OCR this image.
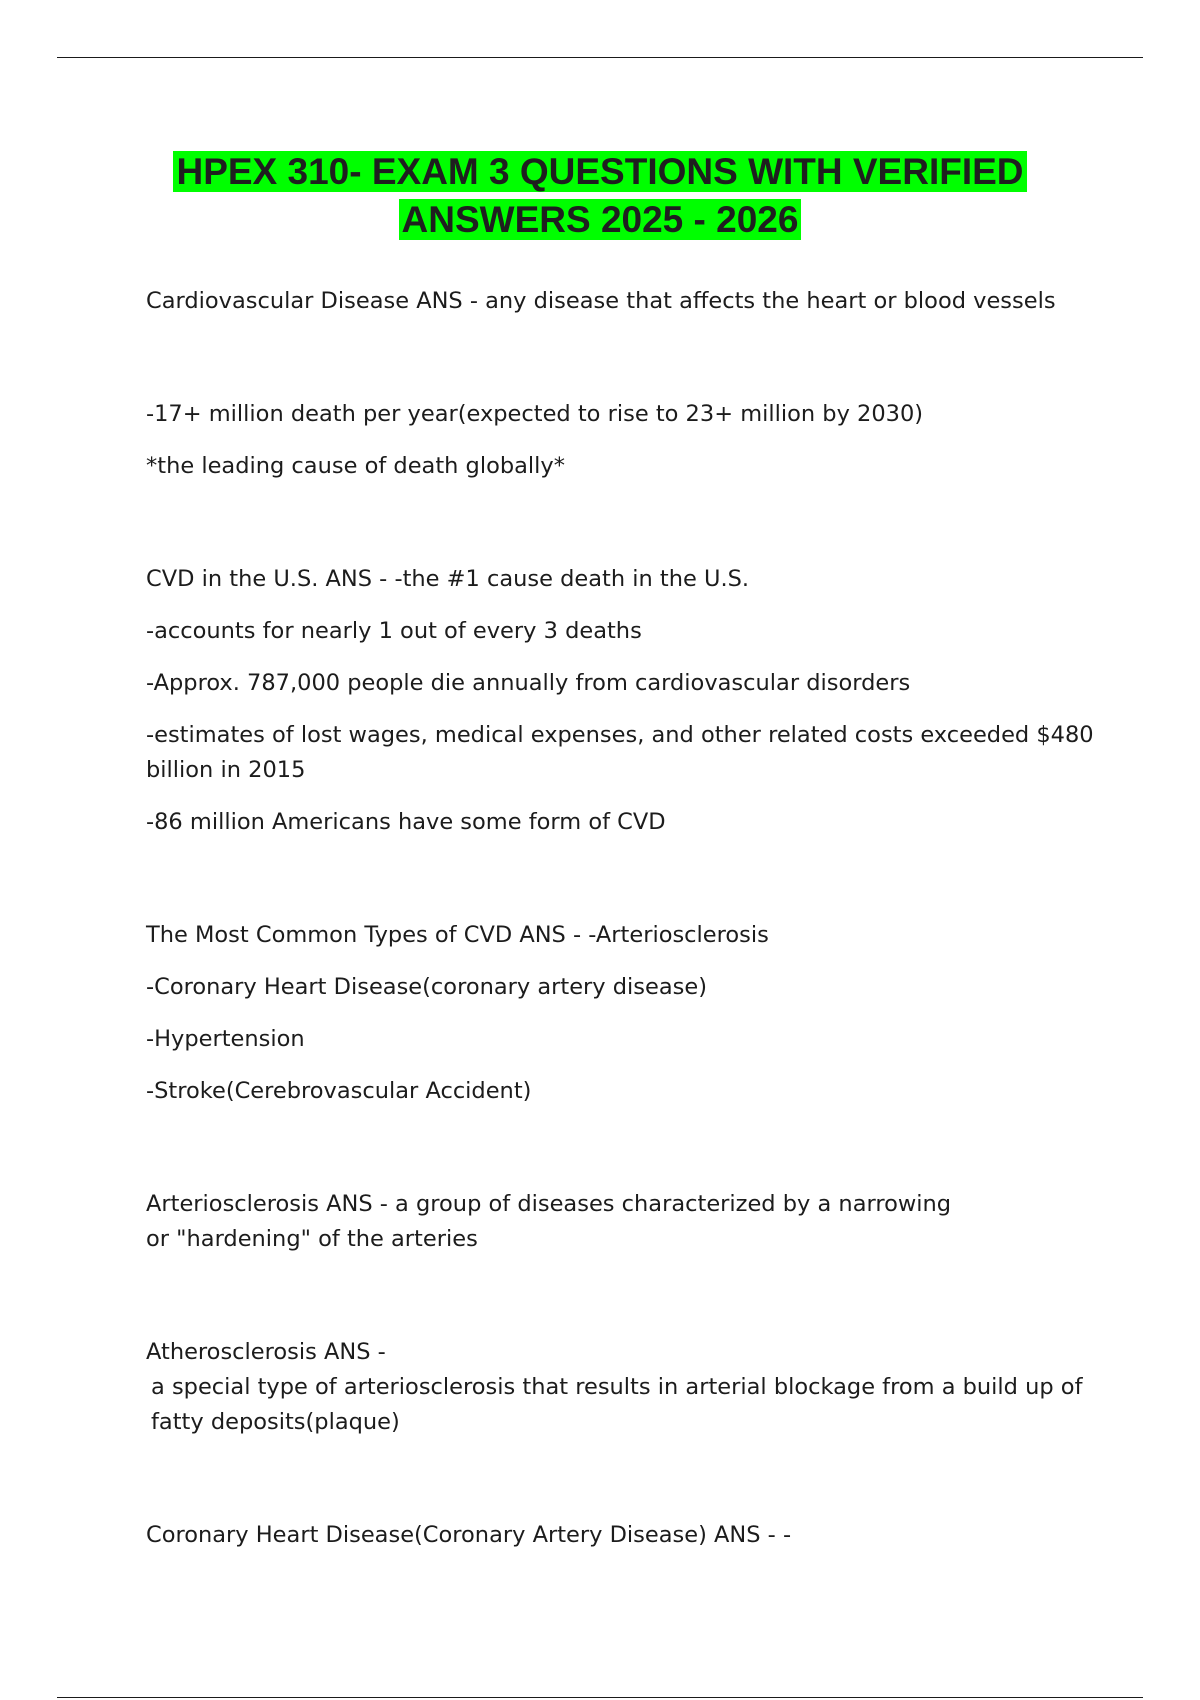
HPEX 310- EXAM 3 QUESTIONS WITH VERIFIED
ANSWERS 2025 - 2026

Cardiovascular Disease ANS - any disease that affects the heart or blood vessels

-17+ million death per year(expected to rise to 23+ million by 2030)

*the leading cause of death globally*

CVD in the U.S. ANS - -the #1 cause death in the U.S.

-accounts for nearly 1 out of every 3 deaths

-Approx. 787,000 people die annually from cardiovascular disorders

-estimates of lost wages, medical expenses, and other related costs exceeded $480 billion in 2015

-86 million Americans have some form of CVD

The Most Common Types of CVD ANS - -Arteriosclerosis

-Coronary Heart Disease(coronary artery disease)

-Hypertension

-Stroke(Cerebrovascular Accident)

Arteriosclerosis ANS - a group of diseases characterized by a narrowing

or "hardening" of the arteries

Atherosclerosis ANS -

a special type of arteriosclerosis that results in arterial blockage from a build up of

fatty deposits(plaque)

Coronary Heart Disease(Coronary Artery Disease) ANS - -
